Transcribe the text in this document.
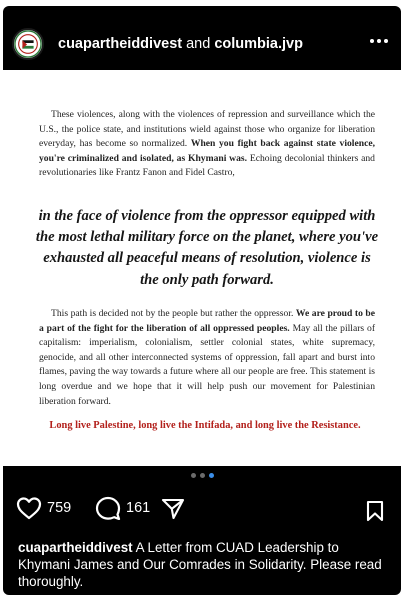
cuapartheiddivest and columbia.jvp

These violences, along with the violences of repression and surveillance which the U.S., the police state, and institutions wield against those who organize for liberation everyday, has become so normalized. When you fight back against state violence, you're criminalized and isolated, as Khymani was. Echoing decolonial thinkers and revolutionaries like Frantz Fanon and Fidel Castro,

in the face of violence from the oppressor equipped with the most lethal military force on the planet, where you've exhausted all peaceful means of resolution, violence is the only path forward.

This path is decided not by the people but rather the oppressor. We are proud to be a part of the fight for the liberation of all oppressed peoples. May all the pillars of capitalism: imperialism, colonialism, settler colonial states, white supremacy, genocide, and all other interconnected systems of oppression, fall apart and burst into flames, paving the way towards a future where all our people are free. This statement is long overdue and we hope that it will help push our movement for Palestinian liberation forward.

Long live Palestine, long live the Intifada, and long live the Resistance.

759	161

cuapartheiddivest A Letter from CUAD Leadership to Khymani James and Our Comrades in Solidarity. Please read thoroughly.
